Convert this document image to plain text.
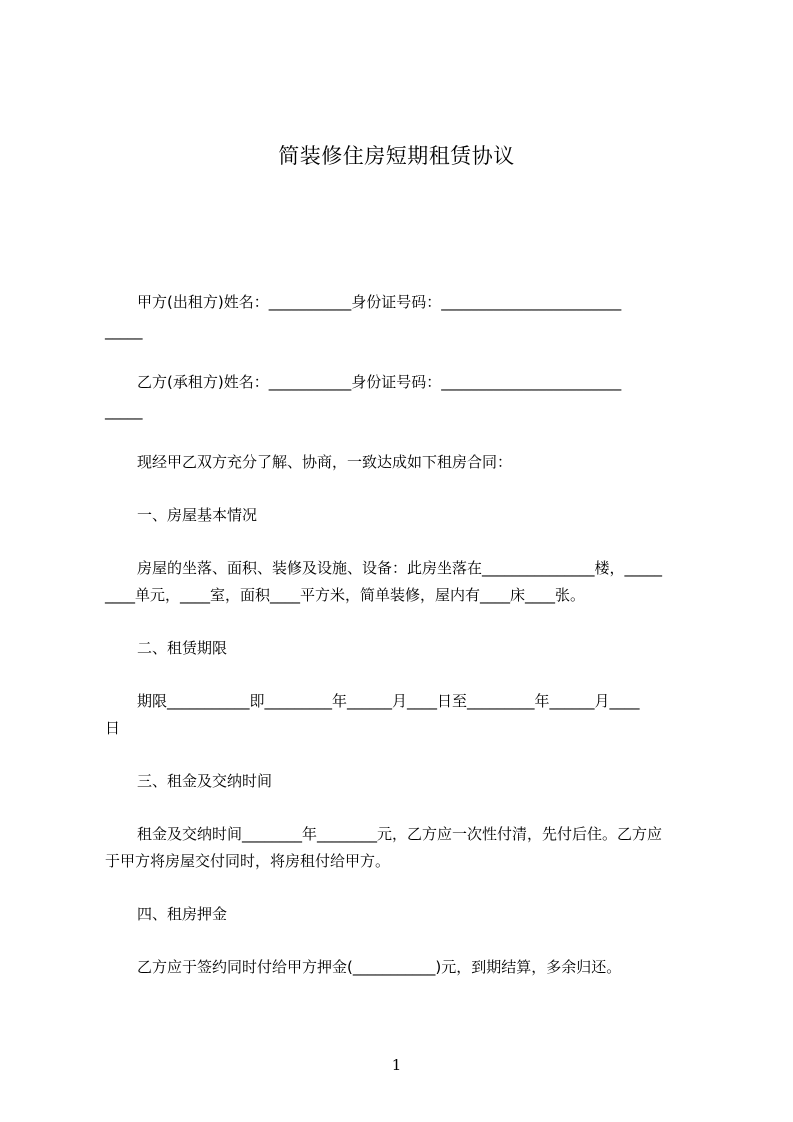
简装修住房短期租赁协议
甲方(出租方)姓名：___________身份证号码：________________________
_____
乙方(承租方)姓名：___________身份证号码：________________________
_____
现经甲乙双方充分了解、协商，一致达成如下租房合同：
一、房屋基本情况
房屋的坐落、面积、装修及设施、设备：此房坐落在_______________楼，_____
____单元，____室，面积____平方米，简单装修，屋内有____床____张。
二、租赁期限
期限___________即_________年______月____日至_________年______月____
日
三、租金及交纳时间
租金及交纳时间________年________元，乙方应一次性付清，先付后住。乙方应
于甲方将房屋交付同时，将房租付给甲方。
四、租房押金
乙方应于签约同时付给甲方押金(___________)元，到期结算，多余归还。
1
